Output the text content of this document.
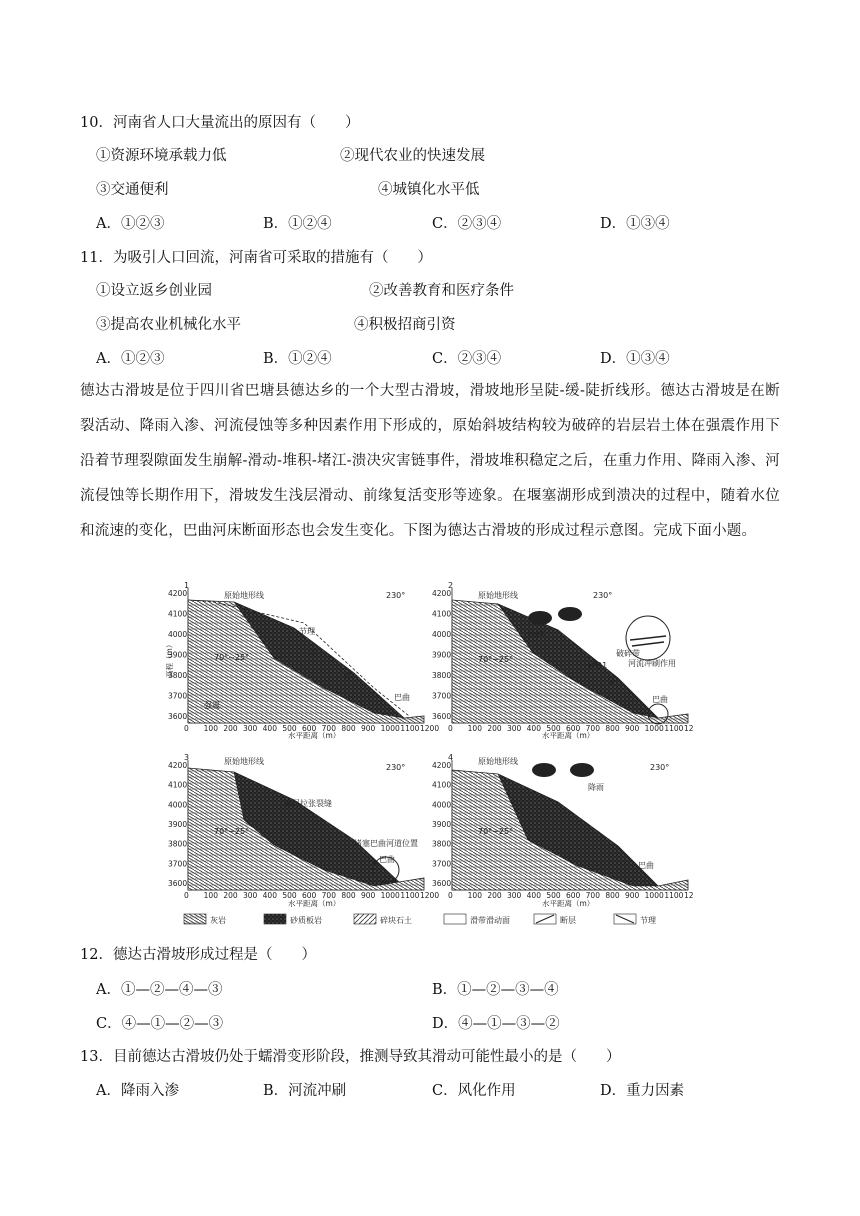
10．河南省人口大量流出的原因有（　　）
①资源环境承载力低	②现代农业的快速发展
③交通便利	④城镇化水平低
A．①②③	B．①②④	C．②③④	D．①③④
11．为吸引人口回流，河南省可采取的措施有（　　）
①设立返乡创业园	②改善教育和医疗条件
③提高农业机械化水平	④积极招商引资
A．①②③	B．①②④	C．②③④	D．①③④
德达古滑坡是位于四川省巴塘县德达乡的一个大型古滑坡，滑坡地形呈陡-缓-陡折线形。德达古滑坡是在断裂活动、降雨入渗、河流侵蚀等多种因素作用下形成的，原始斜坡结构较为破碎的岩层岩土体在强震作用下沿着节理裂隙面发生崩解-滑动-堆积-堵江-溃决灾害链事件，滑坡堆积稳定之后，在重力作用、降雨入渗、河流侵蚀等长期作用下，滑坡发生浅层滑动、前缘复活变形等迹象。在堰塞湖形成到溃决的过程中，随着水位和流速的变化，巴曲河床断面形态也会发生变化。下图为德达古滑坡的形成过程示意图。完成下面小题。
1
原始地形线	230°
70°~25°
节理
崩
滑
巴曲
强震
水平距离（m）
2
原始地形线	230°
降雨
WD1
K1
巴曲
河流冲刷作用
破碎带
70°~25°
水平距离（m）
3	原始地形线
230°
70°~25°
表层拉张裂缝
堵塞巴曲河道位置
巴曲
水平距离（m）
4	原始地形线
230°
降雨
巴曲
70°~25°
水平距离（m）
高程（m）
灰岩	砂质板岩	碎块石土	滑带滑动面	断层	节理
0 100 200 300 400 500 600 700 800 900 1000 1100 1200
4200
4100
4000
3900
3800
3700
3600
0 100 200 300 400 500 600 700 800 900 1000 1100 12
4200
4100
4000
3900
3800
3700
3600
0 100 200 300 400 500 600 700 800 900 1000 1100 1200
4200
4100
4000
3900
3800
3700
3600
0 100 200 300 400 500 600 700 800 900 1000 1100 12
4200
4100
4000
3900
3800
3700
3600
12．德达古滑坡形成过程是（　　）
A．①—②—④—③	B．①—②—③—④
C．④—①—②—③	D．④—①—③—②
13．目前德达古滑坡仍处于蠕滑变形阶段，推测导致其滑动可能性最小的是（　　）
A．降雨入渗	B．河流冲刷	C．风化作用	D．重力因素
